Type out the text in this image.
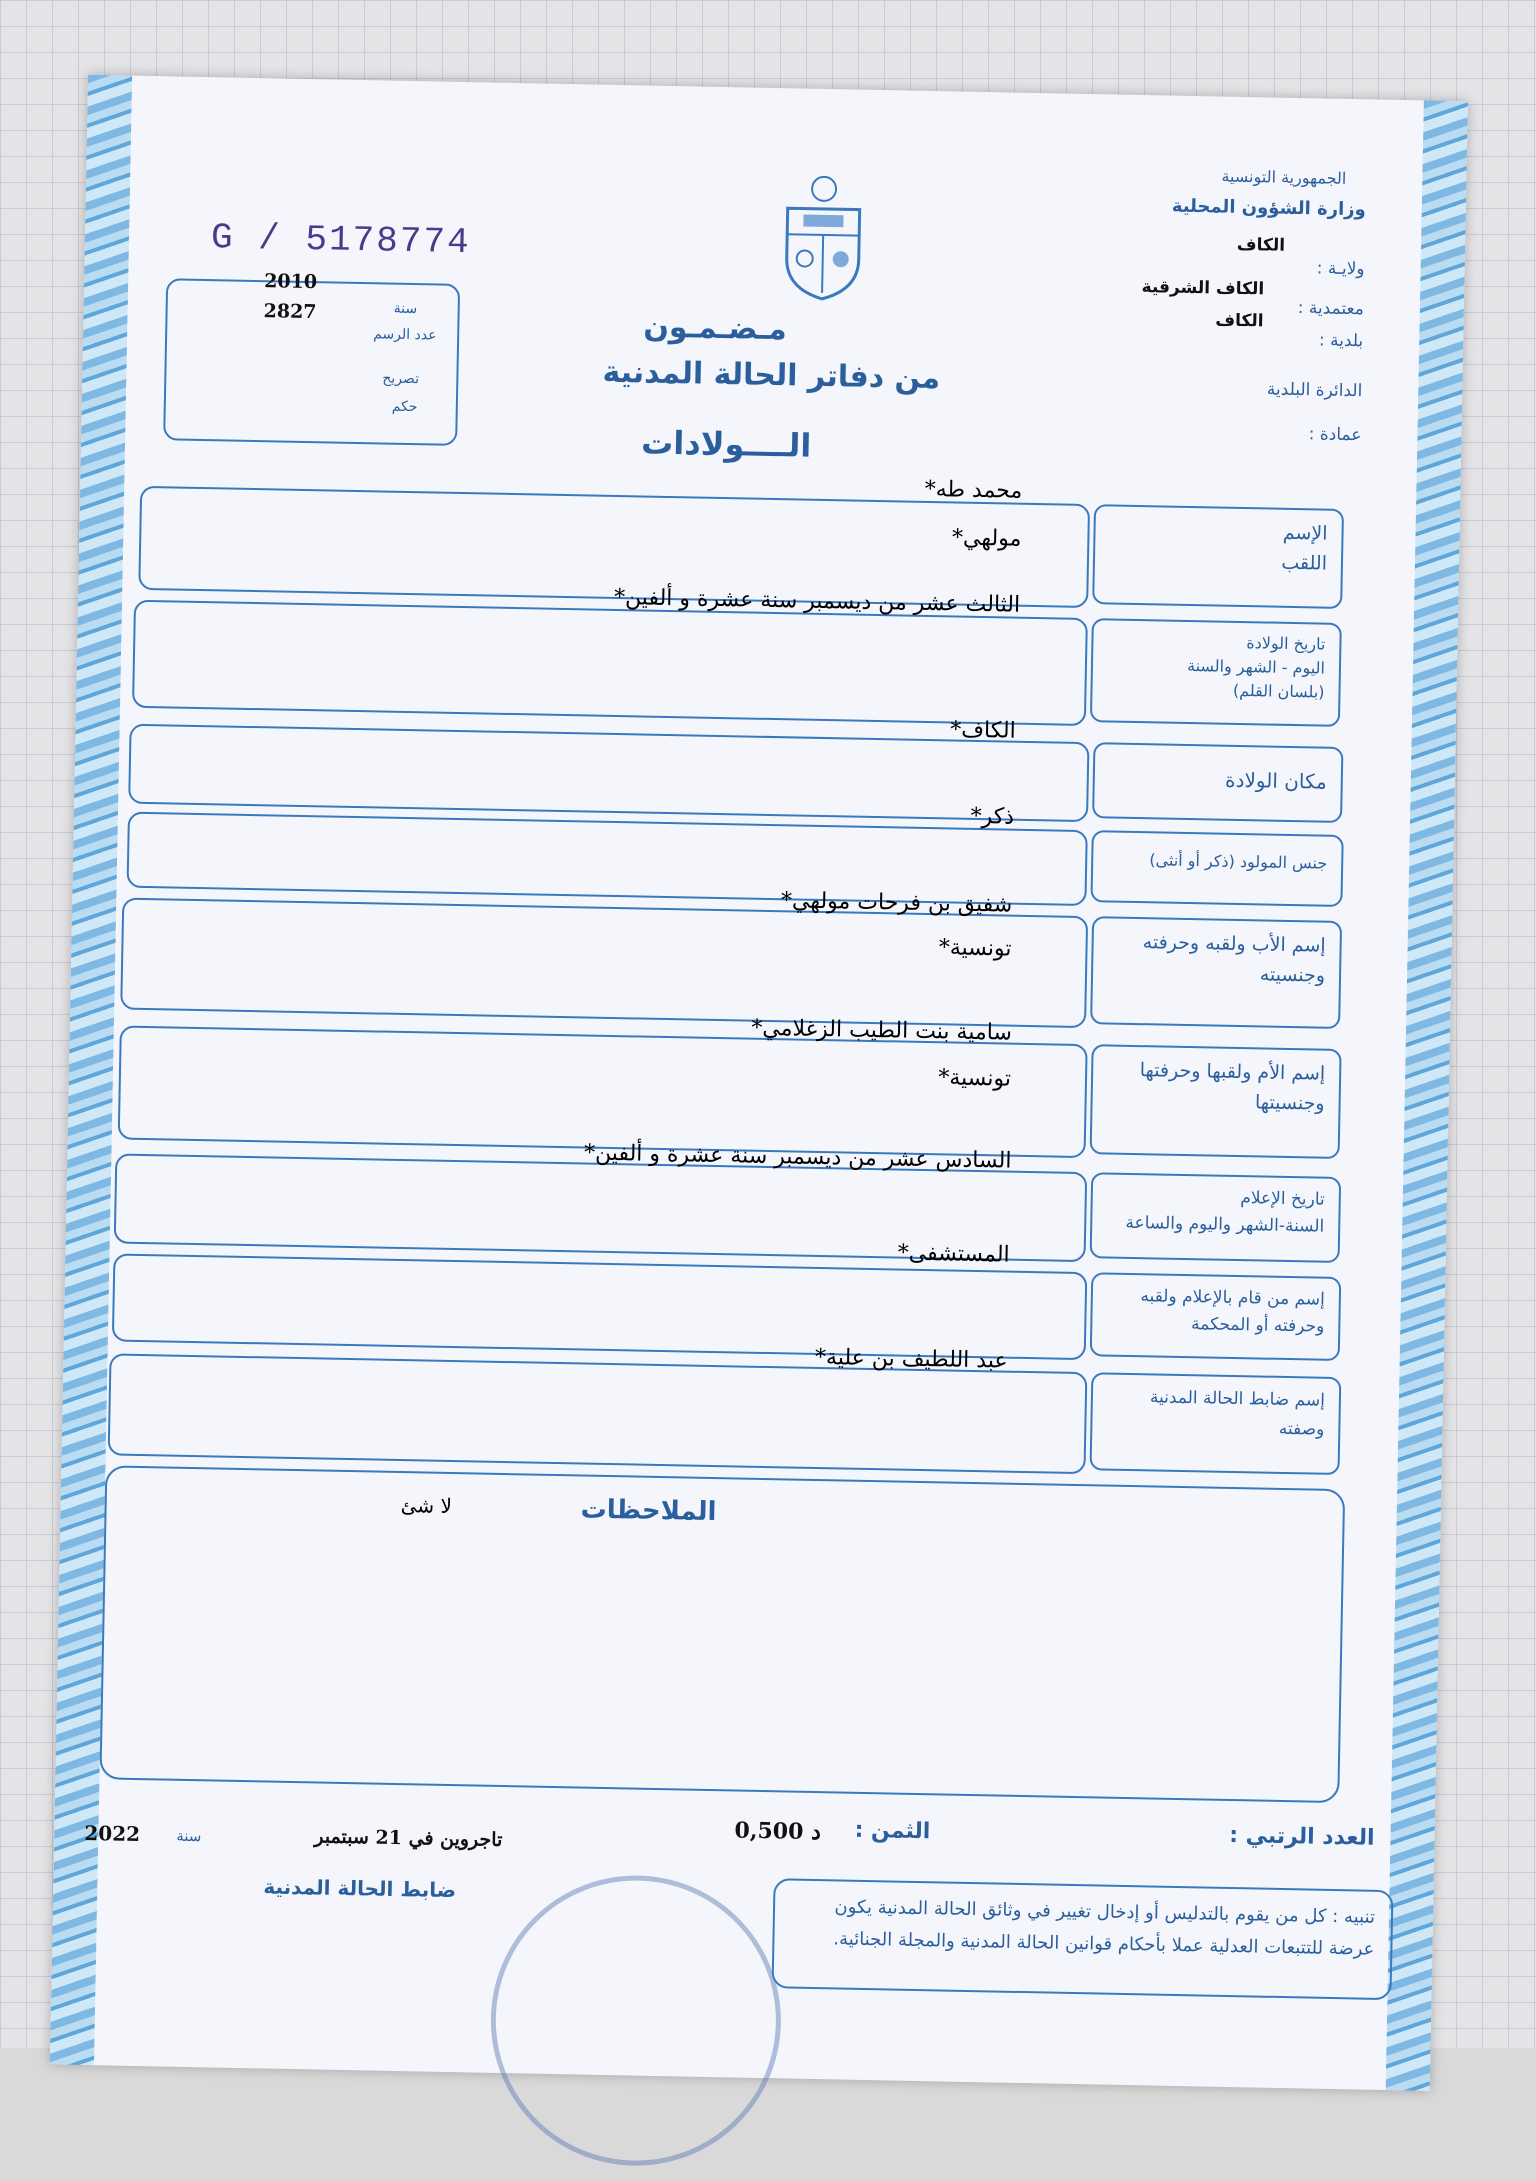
الجمهورية التونسية
وزارة الشؤون المحلية
ولايـة :
الكاف
معتمدية :
الكاف الشرقية
بلدية :
الكاف
الدائرة البلدية
عمادة :
G / 5178774
سنة
2010
عدد الرسم
2827
تصريح
حكم
مـضـمـون
من دفاتر الحالة المدنية
الــــولادات
الإسم
اللقب
محمد طه*
مولهي*
تاريخ الولادة
اليوم - الشهر والسنة
(بلسان القلم)
الثالث عشر من ديسمبر سنة عشرة و ألفين*
مكان الولادة
الكاف*
جنس المولود (ذكر أو أنثى)
ذكر*
إسم الأب ولقبه وحرفته
وجنسيته
شفيق بن فرحات مولهي*
تونسية*
إسم الأم ولقبها وحرفتها
وجنسيتها
سامية بنت الطيب الزغلامي*
تونسية*
تاريخ الإعلام
السنة-الشهر واليوم والساعة
السادس عشر من ديسمبر سنة عشرة و ألفين*
إسم من قام بالإعلام ولقبه
وحرفته أو المحكمة
المستشفى*
إسم ضابط الحالة المدنية
وصفته
عبد اللطيف بن علية*
الملاحظات
لا شئ
العدد الرتبي :
الثمن :
0,500 د
تاجروين في 21 سبتمبر
سنة
2022
ضابط الحالة المدنية
تنبيه : كل من يقوم بالتدليس أو إدخال تغيير في وثائق الحالة المدنية يكون عرضة للتتبعات العدلية عملا بأحكام قوانين الحالة المدنية والمجلة الجنائية.
